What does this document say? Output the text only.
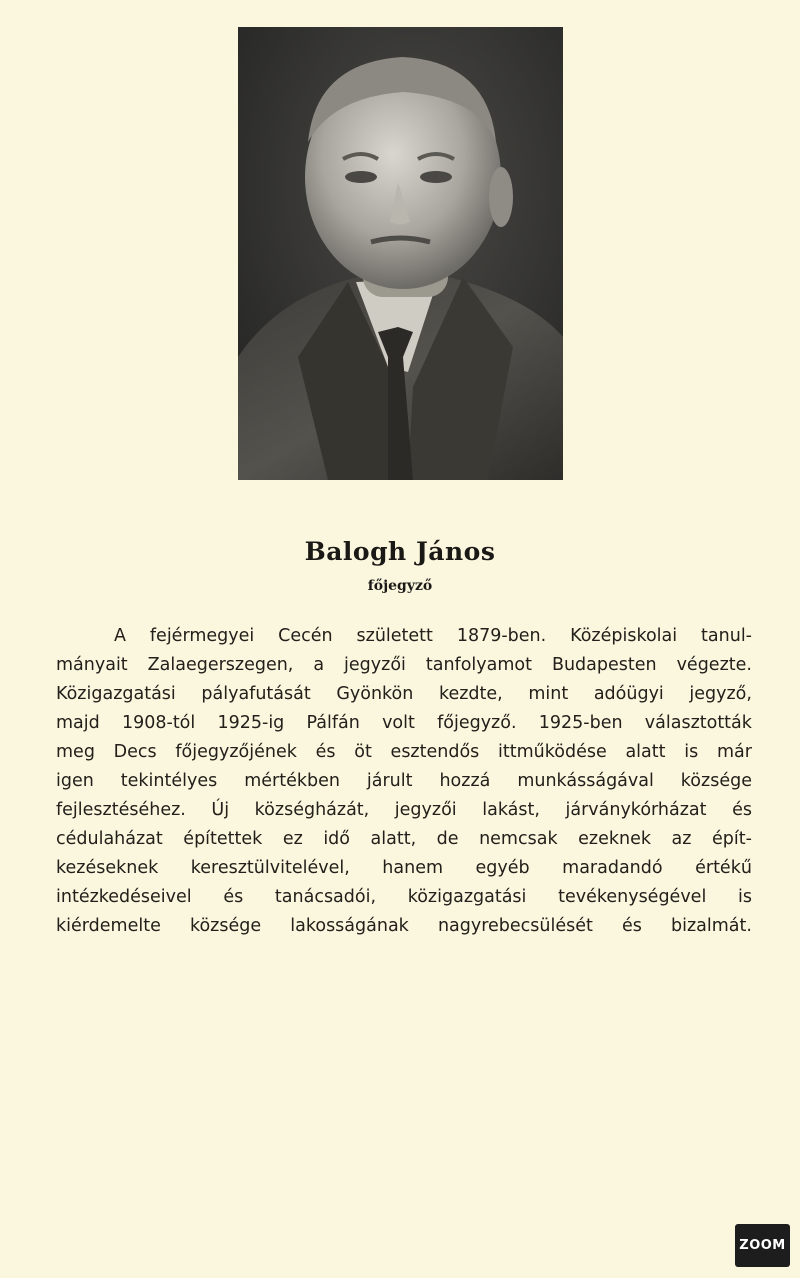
Balogh János
főjegyző
A fejérmegyei Cecén született 1879-ben. Középiskolai tanul-
mányait Zalaegerszegen, a jegyzői tanfolyamot Budapesten végezte.
Közigazgatási pályafutását Gyönkön kezdte, mint adóügyi jegyző,
majd 1908-tól 1925-ig Pálfán volt főjegyző. 1925-ben választották
meg Decs főjegyzőjének és öt esztendős ittműködése alatt is már
igen tekintélyes mértékben járult hozzá munkásságával községe
fejlesztéséhez. Új községházát, jegyzői lakást, járványkórházat és
cédulaházat építettek ez idő alatt, de nemcsak ezeknek az épít-
kezéseknek keresztülvitelével, hanem egyéb maradandó értékű
intézkedéseivel és tanácsadói, közigazgatási tevékenységével is
kiérdemelte községe lakosságának nagyrebecsülését és bizalmát.
ZOOM
